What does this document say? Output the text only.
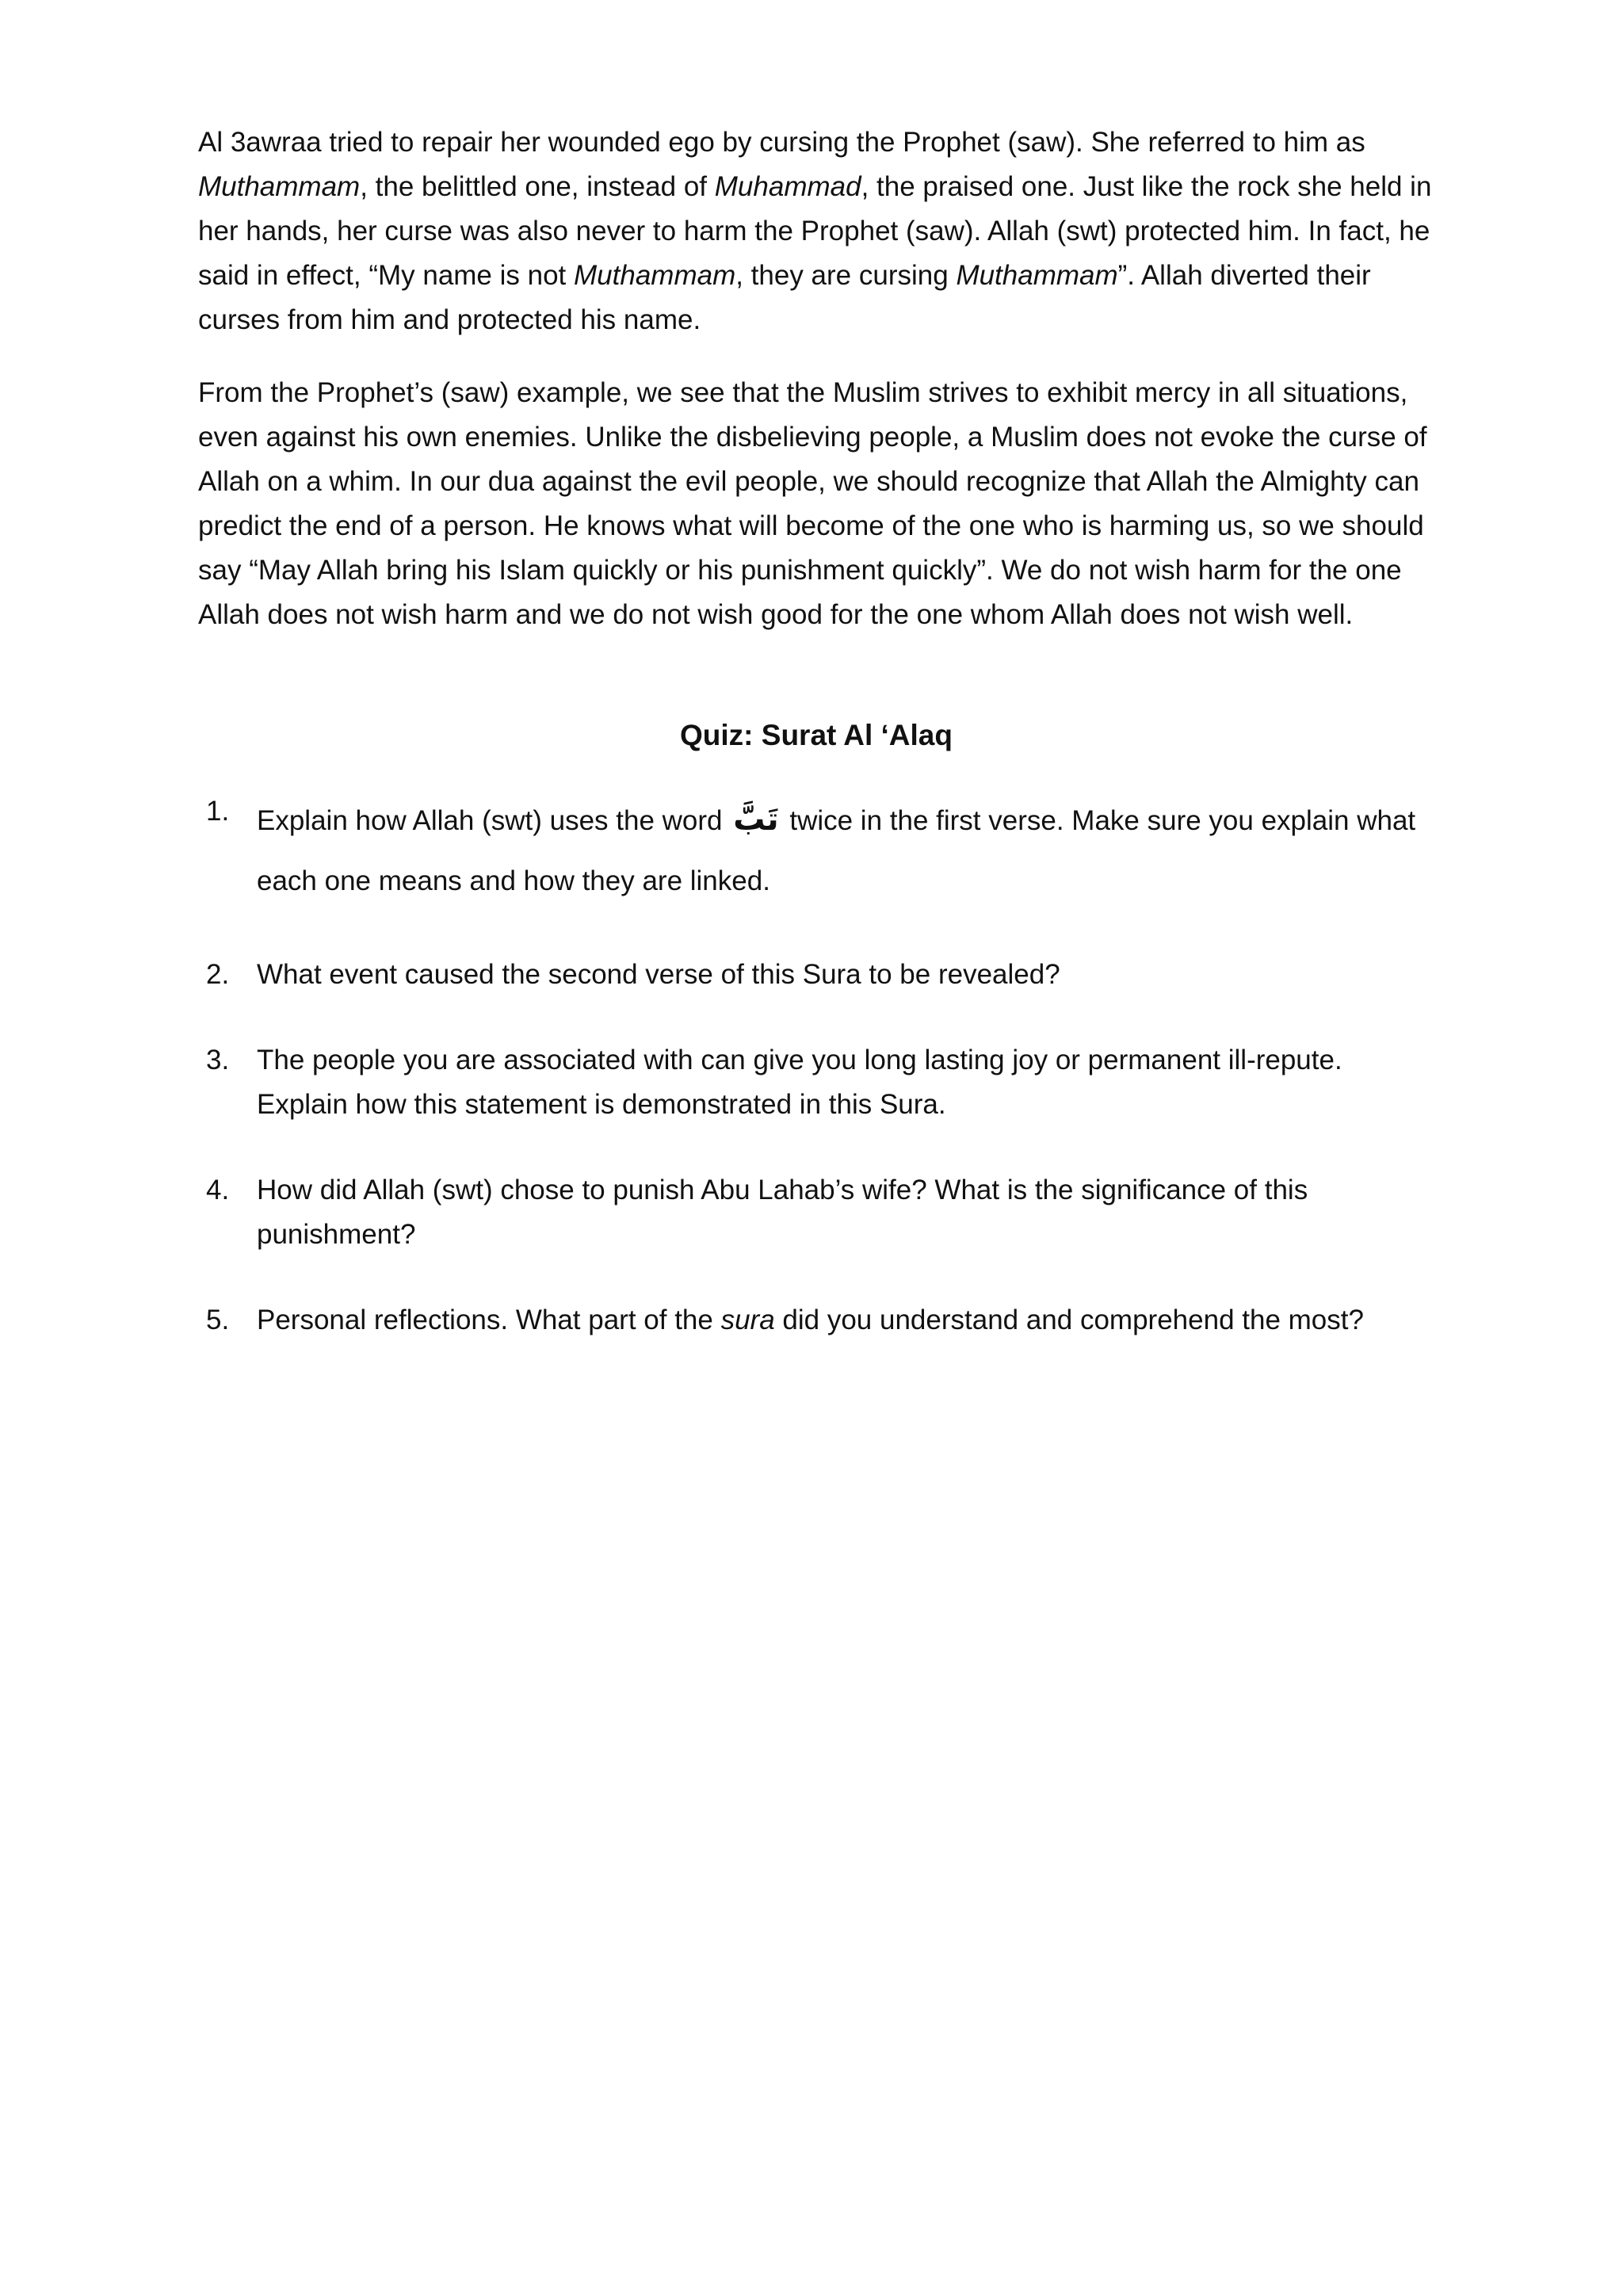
Al 3awraa tried to repair her wounded ego by cursing the Prophet (saw). She referred to him as Muthammam, the belittled one, instead of Muhammad, the praised one. Just like the rock she held in her hands, her curse was also never to harm the Prophet (saw). Allah (swt) protected him. In fact, he said in effect, “My name is not Muthammam, they are cursing Muthammam”. Allah diverted their curses from him and protected his name.

From the Prophet’s (saw) example, we see that the Muslim strives to exhibit mercy in all situations, even against his own enemies. Unlike the disbelieving people, a Muslim does not evoke the curse of Allah on a whim. In our dua against the evil people, we should recognize that Allah the Almighty can predict the end of a person. He knows what will become of the one who is harming us, so we should say “May Allah bring his Islam quickly or his punishment quickly”. We do not wish harm for the one Allah does not wish harm and we do not wish good for the one whom Allah does not wish well.

Quiz: Surat Al ‘Alaq
1. Explain how Allah (swt) uses the word تَبَّ twice in the first verse. Make sure you explain what each one means and how they are linked.
2. What event caused the second verse of this Sura to be revealed?
3. The people you are associated with can give you long lasting joy or permanent ill-repute. Explain how this statement is demonstrated in this Sura.
4. How did Allah (swt) chose to punish Abu Lahab’s wife? What is the significance of this punishment?
5. Personal reflections. What part of the sura did you understand and comprehend the most?
